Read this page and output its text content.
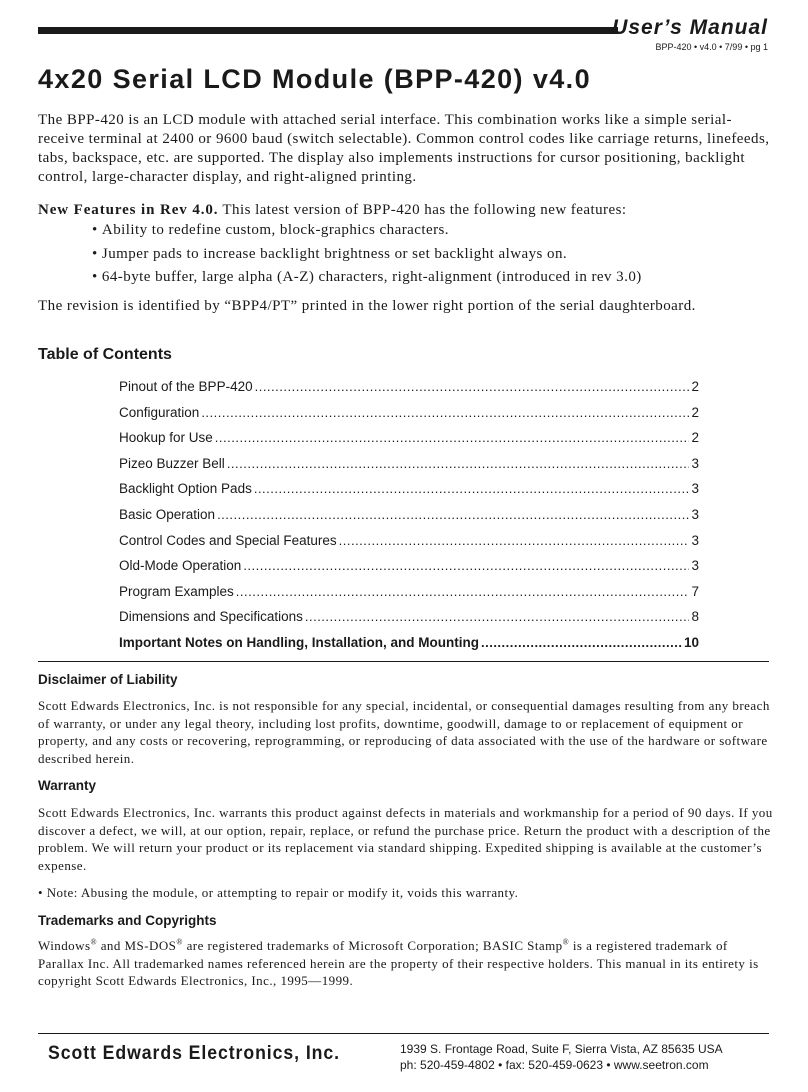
User’s Manual
BPP-420 • v4.0 • 7/99 • pg 1
4x20 Serial LCD Module (BPP-420) v4.0

The BPP-420 is an LCD module with attached serial interface. This combination works like a simple serial-receive terminal at 2400 or 9600 baud (switch selectable). Common control codes like carriage returns, linefeeds, tabs, backspace, etc. are supported. The display also implements instructions for cursor positioning, backlight control, large-character display, and right-aligned printing.

New Features in Rev 4.0. This latest version of BPP-420 has the following new features:

• Ability to redefine custom, block-graphics characters.
• Jumper pads to increase backlight brightness or set backlight always on.
• 64-byte buffer, large alpha (A-Z) characters, right-alignment (introduced in rev 3.0)

The revision is identified by “BPP4/PT” printed in the lower right portion of the serial daughterboard.

Table of Contents
Pinout of the BPP-420 .....	2
Configuration .....	2
Hookup for Use .....	2
Pizeo Buzzer Bell .....	3
Backlight Option Pads .....	3
Basic Operation .....	3
Control Codes and Special Features .....	3
Old-Mode Operation .....	3
Program Examples .....	7
Dimensions and Specifications .....	8
Important Notes on Handling, Installation, and Mounting .....	10
Disclaimer of Liability

Scott Edwards Electronics, Inc. is not responsible for any special, incidental, or consequential damages resulting from any breach of warranty, or under any legal theory, including lost profits, downtime, goodwill, damage to or replacement of equipment or property, and any costs or recovering, reprogramming, or reproducing of data associated with the use of the hardware or software described herein.

Warranty

Scott Edwards Electronics, Inc. warrants this product against defects in materials and workmanship for a period of 90 days. If you discover a defect, we will, at our option, repair, replace, or refund the purchase price. Return the product with a description of the problem. We will return your product or its replacement via standard shipping. Expedited shipping is available at the customer’s expense.

• Note: Abusing the module, or attempting to repair or modify it, voids this warranty.

Trademarks and Copyrights

Windows® and MS-DOS® are registered trademarks of Microsoft Corporation; BASIC Stamp® is a registered trademark of Parallax Inc. All trademarked names referenced herein are the property of their respective holders. This manual in its entirety is copyright Scott Edwards Electronics, Inc., 1995—1999.

Scott Edwards Electronics, Inc.	1939 S. Frontage Road, Suite F, Sierra Vista, AZ 85635 USA
ph: 520-459-4802 • fax: 520-459-0623 • www.seetron.com
